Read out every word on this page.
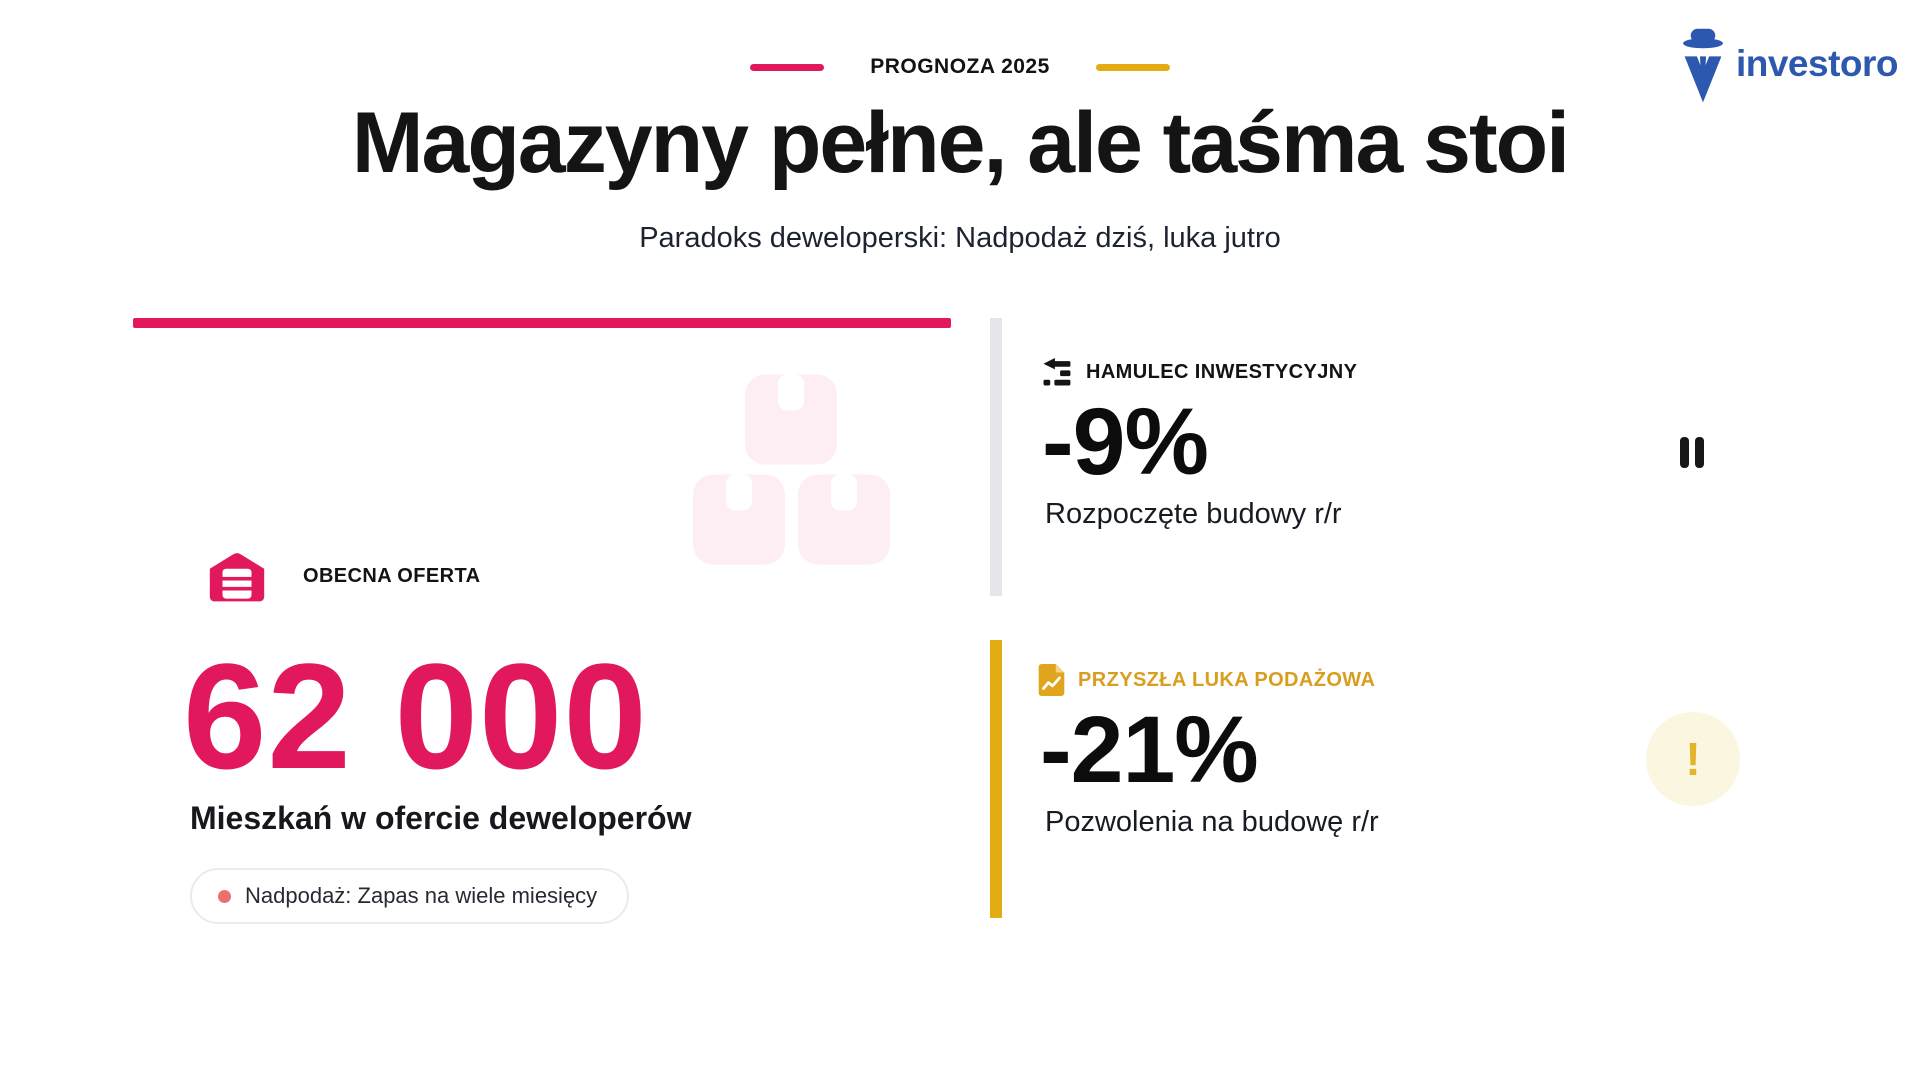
PROGNOZA 2025	investoro
Magazyny pełne, ale taśma stoi
Paradoks deweloperski: Nadpodaż dziś, luka jutro
OBECNA OFERTA
62 000
Mieszkań w ofercie deweloperów
Nadpodaż: Zapas na wiele miesięcy
HAMULEC INWESTYCYJNY
-9%
Rozpoczęte budowy r/r
PRZYSZŁA LUKA PODAŻOWA
-21%
Pozwolenia na budowę r/r
!
